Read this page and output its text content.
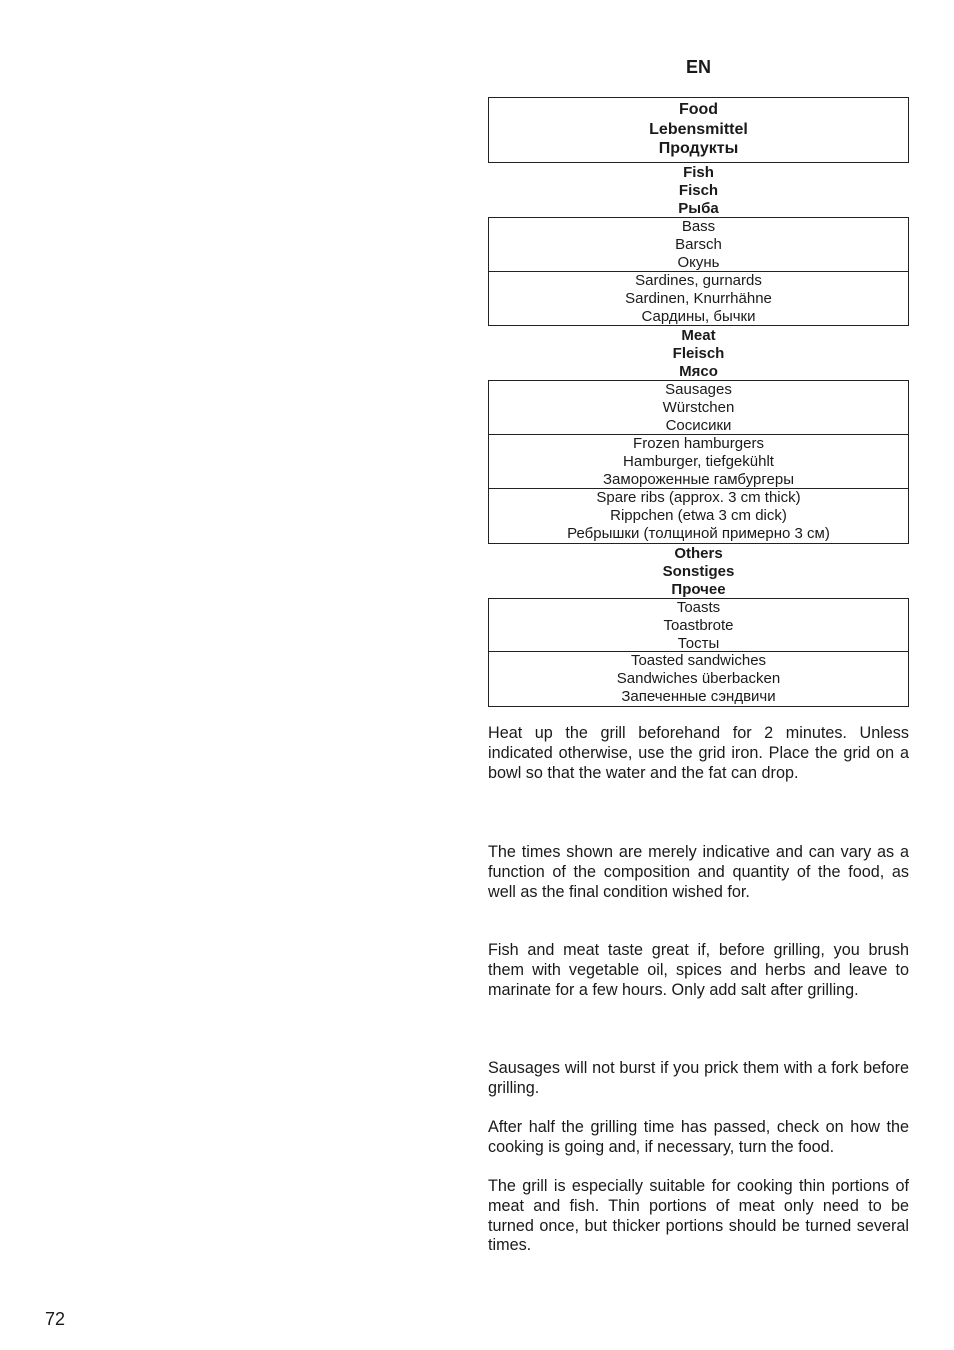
EN
Food
Lebensmittel
Продукты
Fish
Fisch
Рыба
Bass
Barsch
Окунь
Sardines, gurnards
Sardinen, Knurrhähne
Сардины, бычки
Meat
Fleisch
Мясо
Sausages
Würstchen
Сосисики
Frozen hamburgers
Hamburger, tiefgekühlt
Замороженные гамбургеры
Spare ribs (approx. 3 cm thick)
Rippchen (etwa 3 cm dick)
Ребрышки (толщиной примерно 3 см)
Others
Sonstiges
Прочее
Toasts
Toastbrote
Тосты
Toasted sandwiches
Sandwiches überbacken
Запеченные сэндвичи

Heat up the grill beforehand for 2 minutes. Unless indicated otherwise, use the grid iron. Place the grid on a bowl so that the water and the fat can drop.

The times shown are merely indicative and can vary as a function of the composition and quantity of the food, as well as the final condition wished for.

Fish and meat taste great if, before grilling, you brush them with vegetable oil, spices and herbs and leave to marinate for a few hours. Only add salt after grilling.

Sausages will not burst if you prick them with a fork before grilling.

After half the grilling time has passed, check on how the cooking is going and, if necessary, turn the food.

The grill is especially suitable for cooking thin portions of meat and fish. Thin portions of meat only need to be turned once, but thicker portions should be turned several times.

72
